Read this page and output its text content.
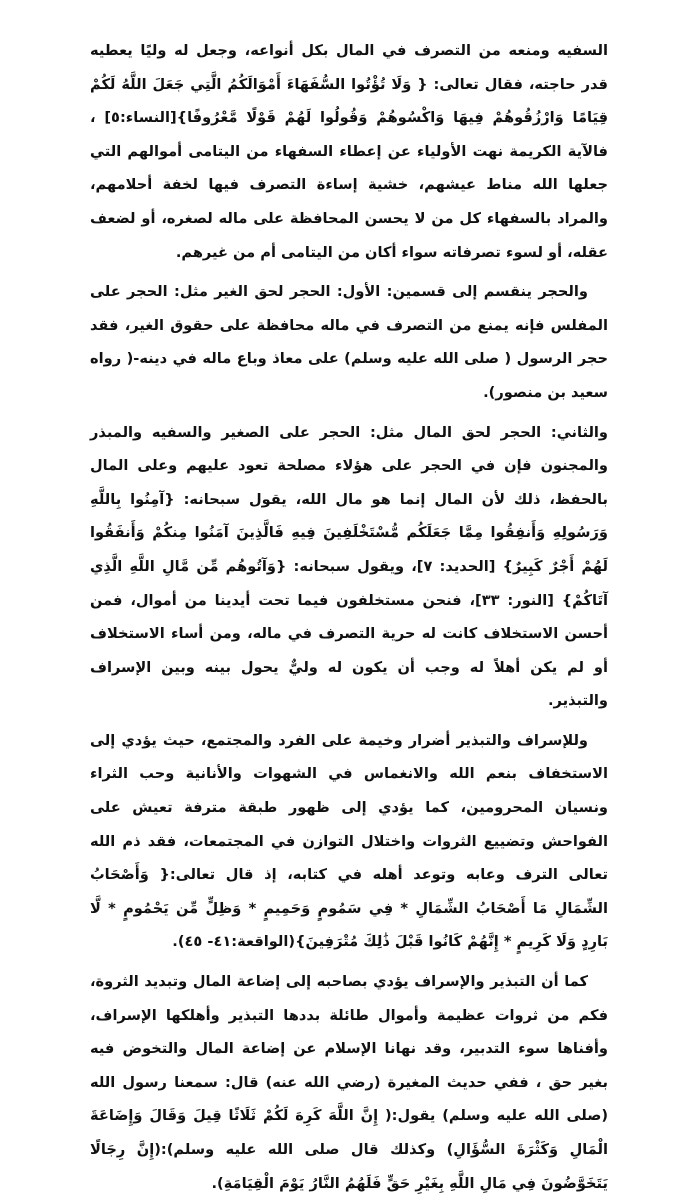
السفيه ومنعه من التصرف في المال بكل أنواعه، وجعل له وليًا يعطيه قدر حاجته، فقال تعالى: { وَلَا تُؤْتُوا السُّفَهَاءَ أَمْوَالَكُمُ الَّتِي جَعَلَ اللَّهُ لَكُمْ قِيَامًا وَارْزُقُوهُمْ فِيهَا وَاكْسُوهُمْ وَقُولُوا لَهُمْ قَوْلًا مَّعْرُوفًا}[النساء:٥] ، فالآية الكريمة نهت الأولياء عن إعطاء السفهاء من اليتامى أموالهم التي جعلها الله مناط عيشهم، خشية إساءة التصرف فيها لخفة أحلامهم، والمراد بالسفهاء كل من لا يحسن المحافظة على ماله لصغره، أو لضعف عقله، أو لسوء تصرفاته سواء أكان من اليتامى أم من غيرهم.

والحجر ينقسم إلى قسمين: الأول: الحجر لحق الغير مثل: الحجر على المفلس فإنه يمنع من التصرف في ماله محافظة على حقوق الغير، فقد حجر الرسول ( صلى الله عليه وسلم) على معاذ وباع ماله في دينه-( رواه سعيد بن منصور).

والثاني: الحجر لحق المال مثل: الحجر على الصغير والسفيه والمبذر والمجنون فإن في الحجر على هؤلاء مصلحة تعود عليهم وعلى المال بالحفظ، ذلك لأن المال إنما هو مال الله، يقول سبحانه: {آمِنُوا بِاللَّهِ وَرَسُولِهِ وَأَنفِقُوا مِمَّا جَعَلَكُم مُّسْتَخْلَفِينَ فِيهِ فَالَّذِينَ آمَنُوا مِنكُمْ وَأَنفَقُوا لَهُمْ أَجْرٌ كَبِيرٌ} [الحديد: ٧]، ويقول سبحانه: {وَآتُوهُم مِّن مَّالِ اللَّهِ الَّذِي آتَاكُمْ} [النور: ٣٣]، فنحن مستخلفون فيما تحت أيدينا من أموال، فمن أحسن الاستخلاف كانت له حرية التصرف في ماله، ومن أساء الاستخلاف أو لم يكن أهلاً له وجب أن يكون له وليٌّ يحول بينه وبين الإسراف والتبذير.

وللإسراف والتبذير أضرار وخيمة على الفرد والمجتمع، حيث يؤدي إلى الاستخفاف بنعم الله والانغماس في الشهوات والأنانية وحب الثراء ونسيان المحرومين، كما يؤدي إلى ظهور طبقة مترفة تعيش على الفواحش وتضييع الثروات واختلال التوازن في المجتمعات، فقد ذم الله تعالى الترف وعابه وتوعد أهله في كتابه، إذ قال تعالى:{ وَأَصْحَابُ الشِّمَالِ مَا أَصْحَابُ الشِّمَالِ * فِي سَمُومٍ وَحَمِيمٍ * وَظِلٍّ مِّن يَحْمُومٍ * لَّا بَارِدٍ وَلَا كَرِيمٍ * إِنَّهُمْ كَانُوا قَبْلَ ذَٰلِكَ مُتْرَفِينَ}(الواقعة:٤١- ٤٥).

كما أن التبذير والإسراف يؤدي بصاحبه إلى إضاعة المال وتبديد الثروة، فكم من ثروات عظيمة وأموال طائلة بددها التبذير وأهلكها الإسراف، وأفناها سوء التدبير، وقد نهانا الإسلام عن إضاعة المال والتخوض فيه بغير حق ، ففي حديث المغيرة (رضي الله عنه) قال: سمعنا رسول الله (صلى الله عليه وسلم) يقول:( إِنَّ اللَّهَ كَرِهَ لَكُمْ ثَلَاثًا قِيلَ وَقَالَ وَإِضَاعَةَ الْمَالِ وَكَثْرَةَ السُّؤَالِ) وكذلك قال صلى الله عليه وسلم):(إِنَّ رِجَالًا يَتَخَوَّضُونَ فِي مَالِ اللَّهِ بِغَيْرِ حَقٍّ فَلَهُمُ النَّارُ يَوْمَ الْقِيَامَةِ).
